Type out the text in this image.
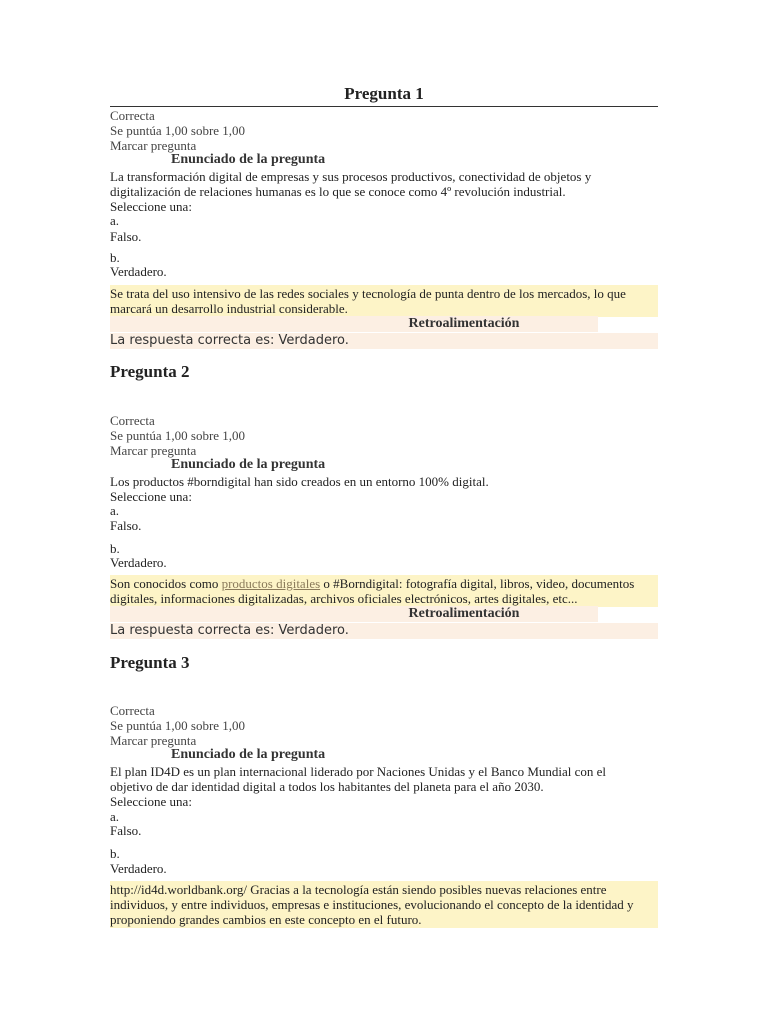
Pregunta 1
Correcta
Se puntúa 1,00 sobre 1,00
Marcar pregunta
Enunciado de la pregunta
La transformación digital de empresas y sus procesos productivos, conectividad de objetos y
digitalización de relaciones humanas es lo que se conoce como 4º revolución industrial.
Seleccione una:
a.
Falso.
b.
Verdadero.
Se trata del uso intensivo de las redes sociales y tecnología de punta dentro de los mercados, lo que
marcará un desarrollo industrial considerable.
Retroalimentación
La respuesta correcta es: Verdadero.
Pregunta 2
Correcta
Se puntúa 1,00 sobre 1,00
Marcar pregunta
Enunciado de la pregunta
Los productos #borndigital han sido creados en un entorno 100% digital.
Seleccione una:
a.
Falso.
b.
Verdadero.
Son conocidos como productos digitales o #Borndigital: fotografía digital, libros, video, documentos
digitales, informaciones digitalizadas, archivos oficiales electrónicos, artes digitales, etc...
Retroalimentación
La respuesta correcta es: Verdadero.
Pregunta 3
Correcta
Se puntúa 1,00 sobre 1,00
Marcar pregunta
Enunciado de la pregunta
El plan ID4D es un plan internacional liderado por Naciones Unidas y el Banco Mundial con el
objetivo de dar identidad digital a todos los habitantes del planeta para el año 2030.
Seleccione una:
a.
Falso.
b.
Verdadero.
http://id4d.worldbank.org/ Gracias a la tecnología están siendo posibles nuevas relaciones entre
individuos, y entre individuos, empresas e instituciones, evolucionando el concepto de la identidad y
proponiendo grandes cambios en este concepto en el futuro.
